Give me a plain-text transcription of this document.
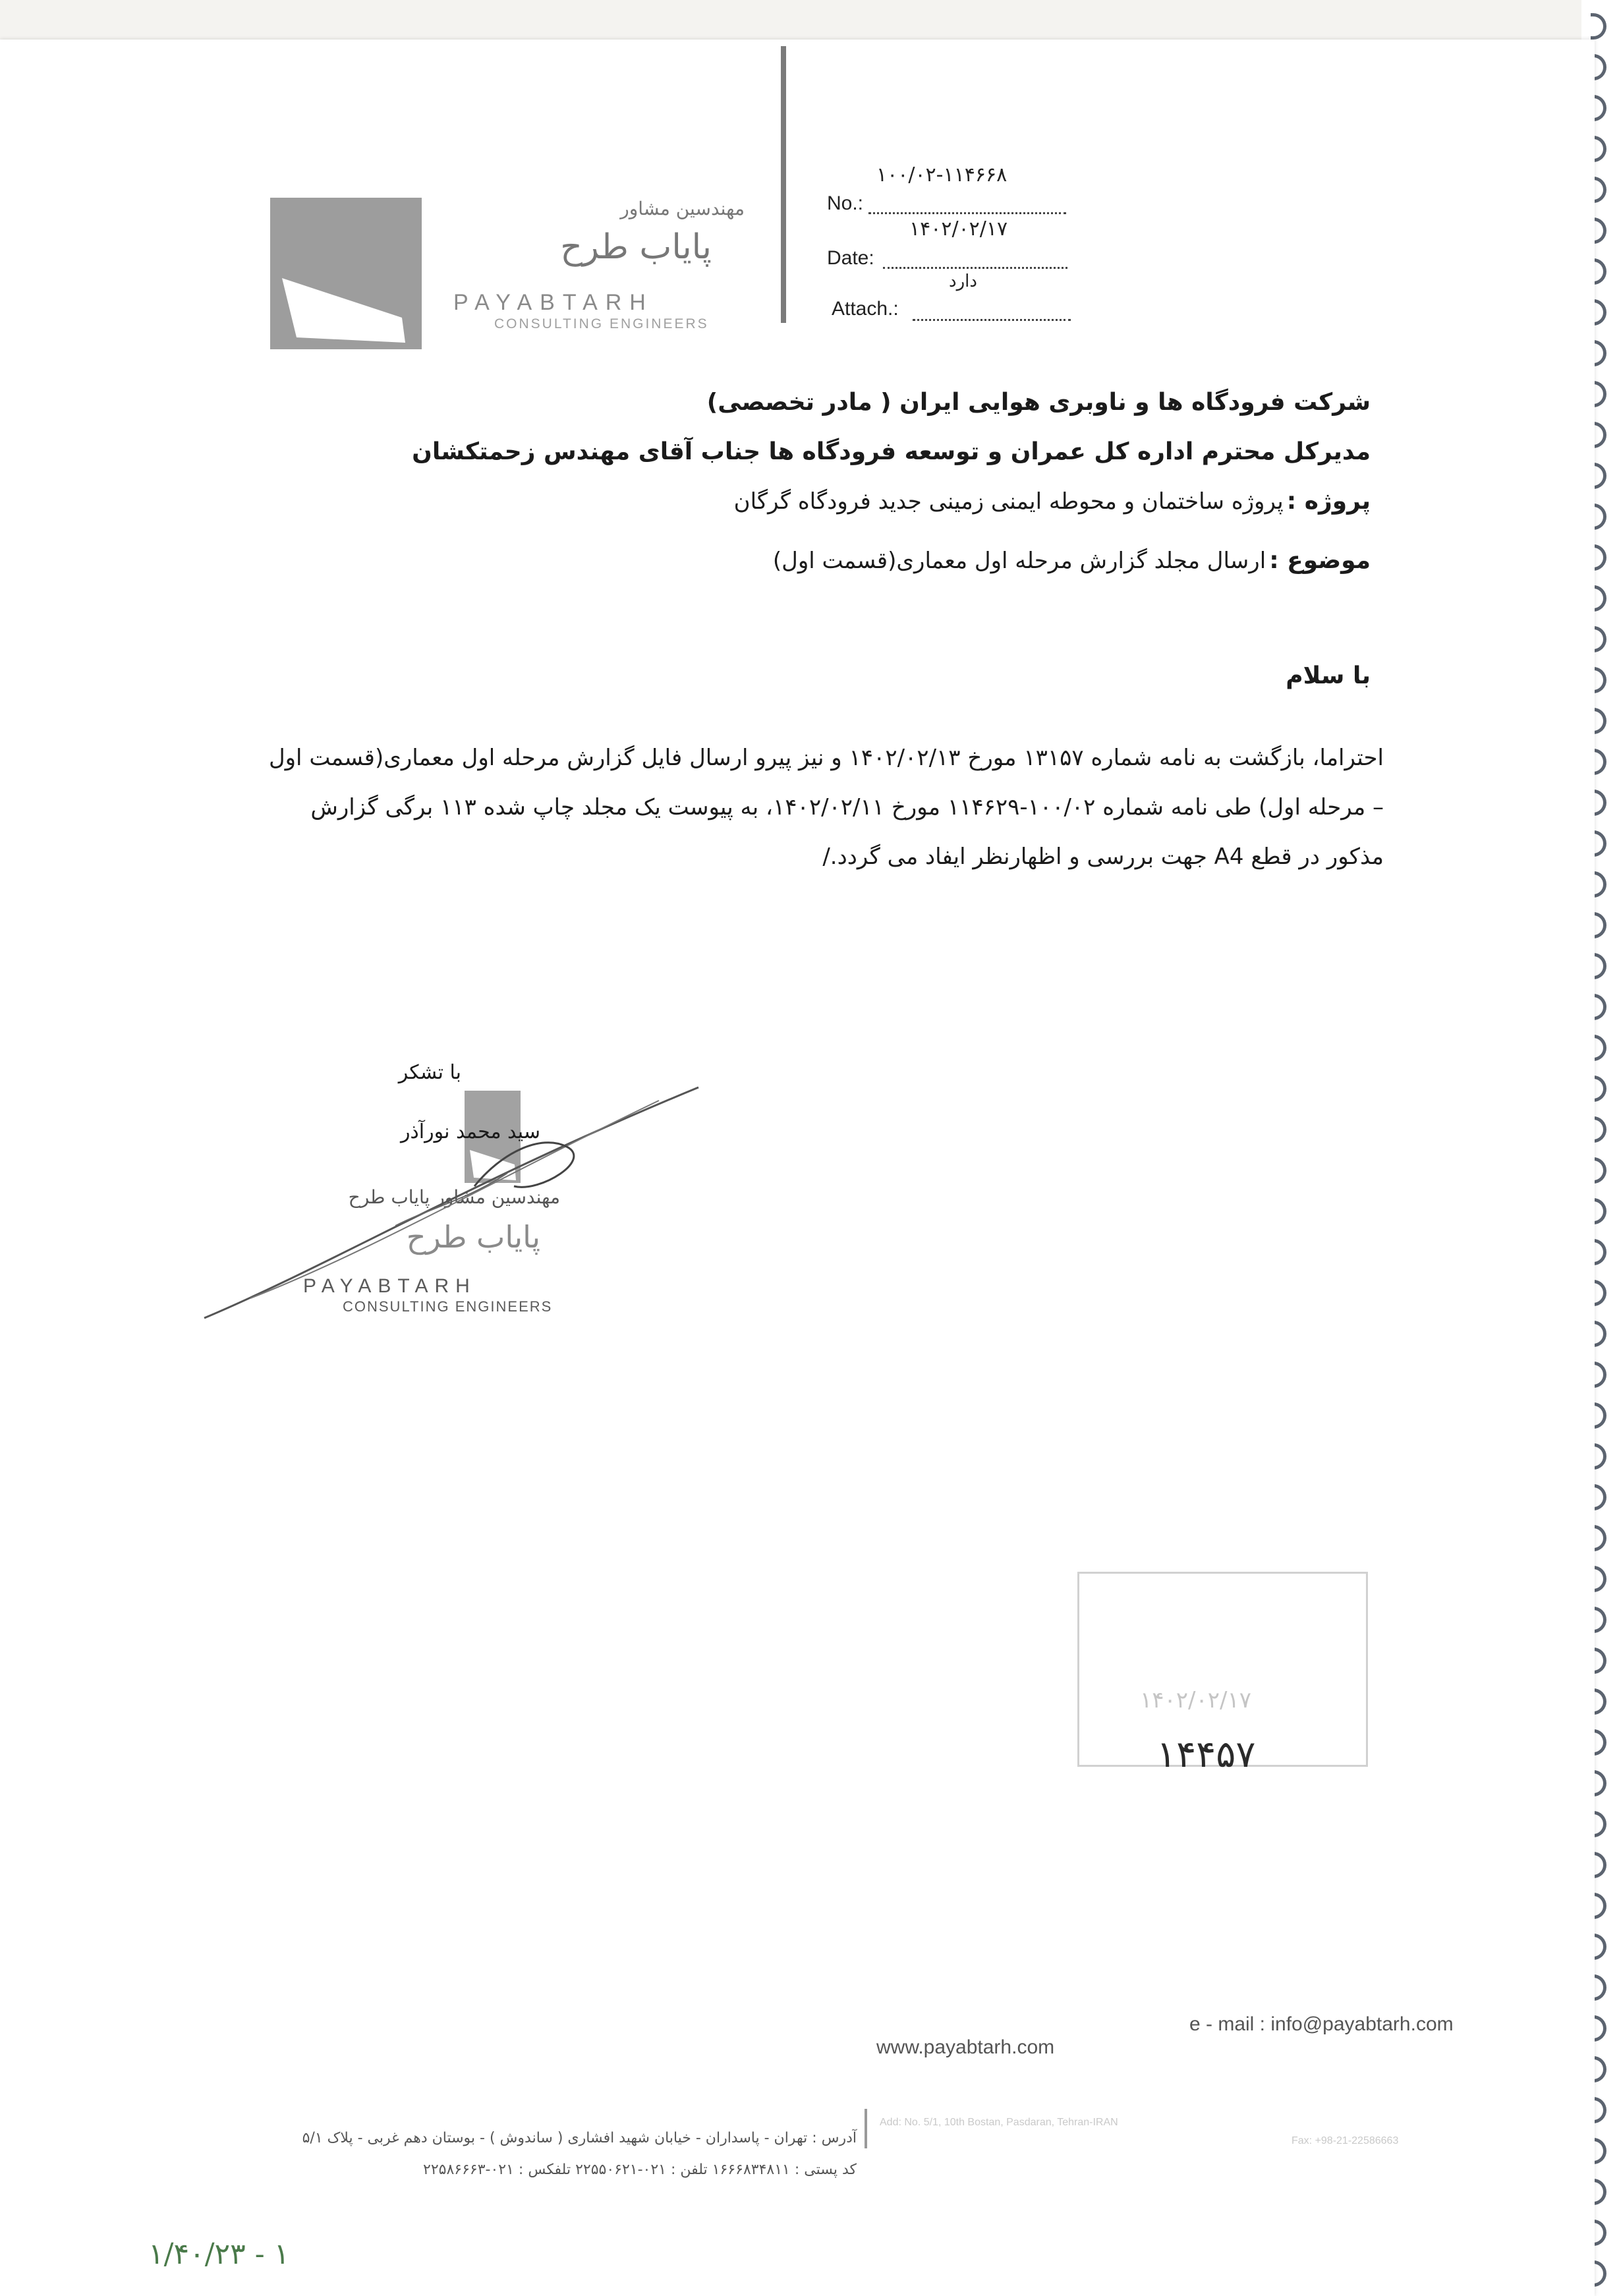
مهندسین مشاور
پایاب طرح
PAYABTARH
CONSULTING ENGINEERS
۱۰۰/۰۲-۱۱۴۶۶۸
No.:
۱۴۰۲/۰۲/۱۷
Date:
دارد
Attach.:
شرکت فرودگاه ها و ناوبری هوایی ایران ( مادر تخصصی)
مدیرکل محترم اداره کل عمران و توسعه فرودگاه ها جناب آقای مهندس زحمتکشان
پروژه : پروژه ساختمان و محوطه ایمنی زمینی جدید فرودگاه گرگان
موضوع : ارسال مجلد گزارش مرحله اول معماری(قسمت اول)
با سلام
احتراما، بازگشت به نامه شماره ۱۳۱۵۷ مورخ ۱۴۰۲/۰۲/۱۳ و نیز پیرو ارسال فایل گزارش مرحله اول معماری(قسمت اول
– مرحله اول) طی نامه شماره ۱۰۰/۰۲-۱۱۴۶۲۹ مورخ ۱۴۰۲/۰۲/۱۱، به پیوست یک مجلد چاپ شده ۱۱۳ برگی گزارش
مذکور در قطع A4 جهت بررسی و اظهارنظر ایفاد می گردد./
با تشکر
سید محمد نورآذر
مهندسین مشاور پایاب طرح
پایاب طرح
PAYABTARH
CONSULTING ENGINEERS
۱۴۰۲/۰۲/۱۷
۱۴۴۵۷
www.payabtarh.com
e - mail : info@payabtarh.com
آدرس : تهران - پاسداران - خیابان شهید افشاری ( ساندوش ) - بوستان دهم غربی - پلاک ۵/۱
کد پستی : ۱۶۶۶۸۳۴۸۱۱ تلفن : ۰۲۱-۲۲۵۵۰۶۲۱ تلفکس : ۰۲۱-۲۲۵۸۶۶۶۳
Add: No. 5/1, 10th Bostan, Pasdaran, Tehran-IRAN
Fax: +98-21-22586663
۱/۴۰/۲۳ - ۱
